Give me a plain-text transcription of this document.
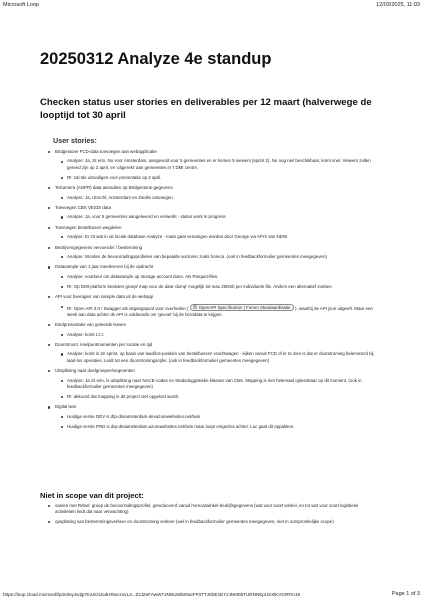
Microsoft Loop	12/03/2025, 11:03
20250312 Analyze 4e standup
Checken status user stories en deliverables per 12 maart (halverwege de looptijd tot 30 april
User stories:
Bridgestone FCD-data toevoegen aan webapplicatie
Analyse: Ja, zit erin. Nu voor Amsterdam, aangevuld voor 5 gemeentes en er komen 5 viewers (sprint 2). Nu nog niet beschikbaar, komt snel. Viewers zullen gereed zijn op 2 april, en 'uitgerekt' aan gemeentes in 't DMI centre.
RI: zal tde uitnodigen voor presentatie op 2 april.
Telcamera (ANPR) data aansullen op Bridgestone-gegevens
Analyse: Ja, Utrecht, Amsterdam en Zwolle ontvangen.
Toevoegen CBS VESDI data
Analyse: Ja, voor 5 gemeentes aangeleverd en verwerkt - status work in progress
Toevoegen bestelbusen wegdelen
Analyse: Er zit wat in uit locale database Analyze - maar gaat vervangen worden door George via API's van NDW.
Bedrijvengegevens vervoerder / bestemming
Analyse: Worden de bevoorradingsprofielen van bepaalde sectoren zoals horeca. (ook in feedbackformulier gemeentes meegegeven)
Datasample van 1 jaar meeleveren bij de opdracht
Analyse: voorkeur om datasample op storage account doen. Als Parquet-files.
RI: Op DMI-platform besloten groep/ map voor de data 'dump' mogelijk tot max 250mb per individuele file. Anders een alternatief zoeken.
API voor bevragen van sample data uit de webapp
RI: Open API 3.0 / Swagger als uitgangspunt voor overheden ( OpenAPI Specification | Forum Standaardisatie ), waarbij de API json uitgeeft. Maar een week aan data achter de API is voldoende om 'gevoel' bij de brondata te krijgen.
Eindpresentatie van geleerde lessen
Analyse: komt t.z.t.
Doorstroom: knelpuntmomenten per locatie en tijd
Analyse: komt in 2e sprint, op basis van laad/los-posities van bestelbussen vrachtwagen - kijken vanuit FCD of er te zien is dat er doorstroming belemmerd bij laad-los operaties. Leidt tot een doorstromingscijfer. (ook in feedbackformulier gemeentes meegegeven)
Uitsplitsing naar doelgroepen/segmenten
Analyse: Ja zit erin, is uitsplitsing naar NACE-codes en Stadsdoggistieke klasses van CBS. Mapping is niet helemaal opleesbaar op dit moment. (ook in feedbackformulier gemeentes meegegeven)
RI: akkoord dat mapping in dit project niet opgelost wordt.
Digital twin
Huidige versie DEV is dtp-dmiamsterdam-devazurewebsites.net/twin
Huidige versie PRD is dtp-dmiamsterdam.azurewebsites.net/twin maar loopt enigszins achter. Luc gaat dit oppakken.
Niet in scope van dit project:
samen met Rebel: groep de bevoorradingsprofiel, gereduceerd vanuit horeca/winkel-bedrijfsgegevens (wat voor soort winkel, en tot wat voor soort logistieke activiteiten leidt dat naar verwachting)
opsplitsing van bestemmingsverkeer en doorstroming verkeer (wel in feedbackformulier gemeentes meegegeven, niet in oorspronkelijke scope)
https://loop.cloud.microsoft/print/eyJwIjp7InUiOiJodHRwczovL3...ZzJZeFAwWTJNNUs0b0toeFF0TTJSbE1EYzJNM05TURNNEpUSXlKVGRFIn19	Page 1 of 3
